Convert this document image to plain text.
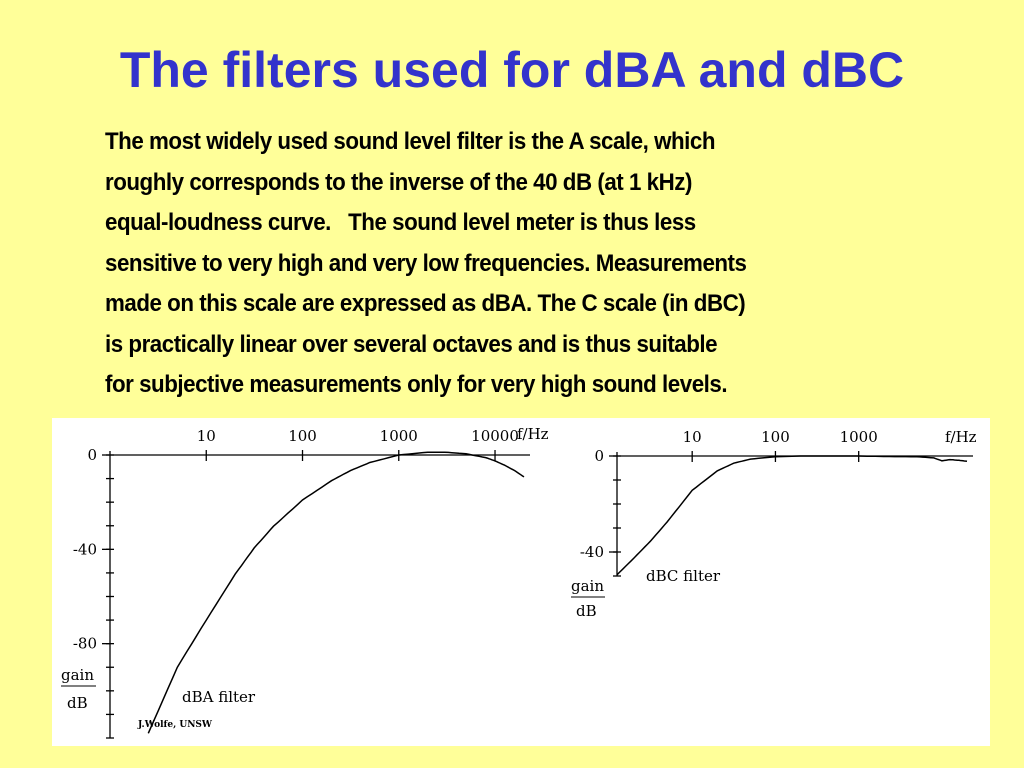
The filters used for dBA and dBC
The most widely used sound level filter is the A scale, which
roughly corresponds to the inverse of the 40 dB (at 1 kHz)
equal-loudness curve.   The sound level meter is thus less
sensitive to very high and very low frequencies. Measurements
made on this scale are expressed as dBA. The C scale (in dBC)
is practically linear over several octaves and is thus suitable
for subjective measurements only for very high sound levels.
10	100	1000	10000
0
-40
-80
f/Hz
gain
dB	dBA filter
J.Wolfe, UNSW
10	100	1000
0
-40
f/Hz
gain
dB
dBC filter
